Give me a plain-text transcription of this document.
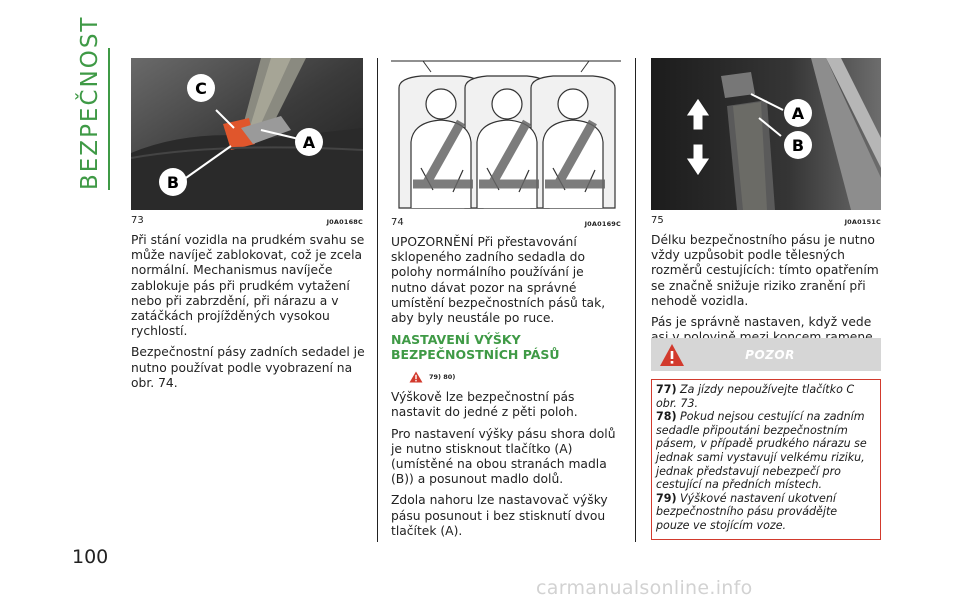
BEZPEČNOST
100
C
A
B
73	J0A0168C	74	J0A0169C
A
B
75	J0A0151C

Při stání vozidla na prudkém svahu se může navíječ zablokovat, což je zcela normální. Mechanismus navíječe zablokuje pás při prudkém vytažení nebo při zabrzdění, při nárazu a v zatáčkách projížděných vysokou rychlostí.

Bezpečnostní pásy zadních sedadel je nutno používat podle vyobrazení na obr. 74.

UPOZORNĚNÍ Při přestavování sklopeného zadního sedadla do polohy normálního používání je nutno dávat pozor na správné umístění bezpečnostních pásů tak, aby byly neustále po ruce.

NASTAVENÍ VÝŠKY
BEZPEČNOSTNÍCH PÁSŮ
79) 80)

Výškově lze bezpečnostní pás nastavit do jedné z pěti poloh.

Pro nastavení výšky pásu shora dolů je nutno stisknout tlačítko (A) (umístěné na obou stranách madla (B)) a posunout madlo dolů.

Zdola nahoru lze nastavovač výšky pásu posunout i bez stisknutí dvou tlačítek (A).

Délku bezpečnostního pásu je nutno vždy uzpůsobit podle tělesných rozměrů cestujících: tímto opatřením se značně snižuje riziko zranění při nehodě vozidla.

Pás je správně nastaven, když vede

POZOR
77) Za jízdy nepoužívejte tlačítko C obr. 73.
78) Pokud nejsou cestující na zadním sedadle připoutáni bezpečnostním pásem, v případě prudkého nárazu se jednak sami vystavují velkému riziku, jednak představují nebezpečí pro cestující na předních místech.
79) Výškové nastavení ukotvení bezpečnostního pásu provádějte pouze ve stojícím voze.
carmanualsonline.info
